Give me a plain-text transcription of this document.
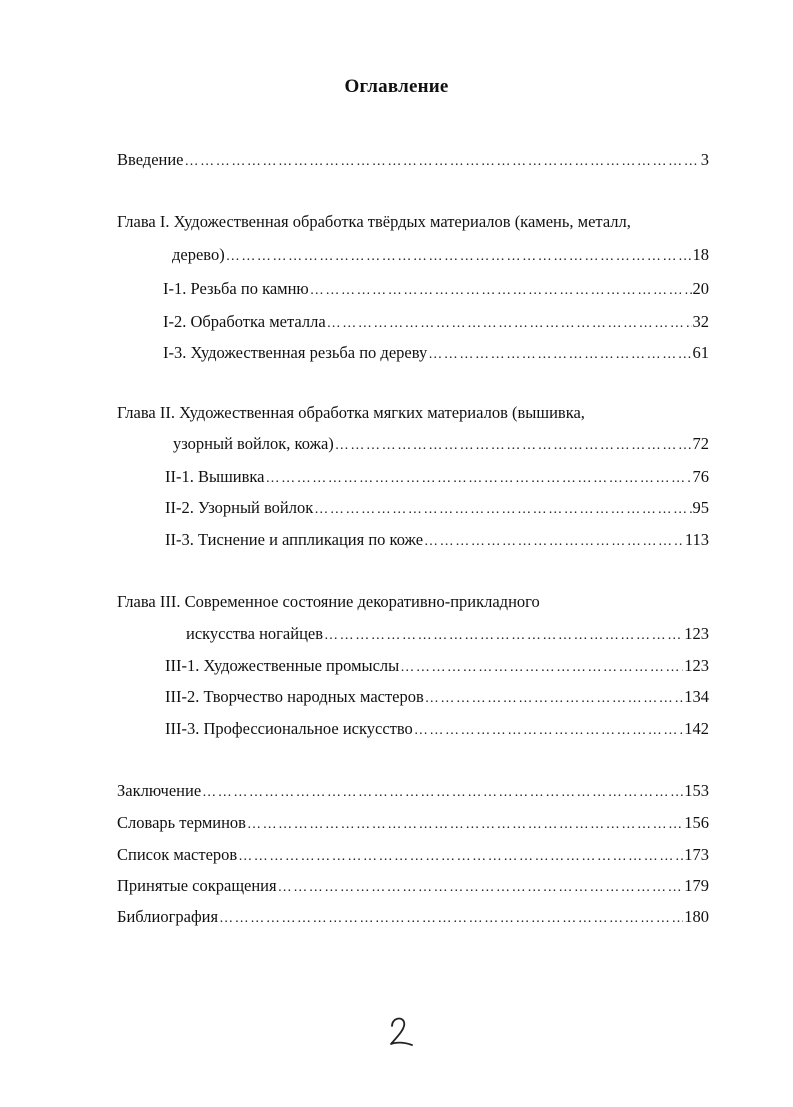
Оглавление
Введение …………………………………………………………………………………………………………………………………………………………………………………………………	3
Глава I. Художественная обработка твёрдых материалов (камень, металл,
дерево) …………………………………………………………………………………………………………………………………………………………………………………………………	18
I-1. Резьба по камню …………………………………………………………………………………………………………………………………………………………………………………………………	20
I-2. Обработка металла …………………………………………………………………………………………………………………………………………………………………………………………………	32
I-3. Художественная резьба по дереву …………………………………………………………………………………………………………………………………………………………………………………………………	61
Глава II. Художественная обработка мягких материалов (вышивка,
узорный войлок, кожа) …………………………………………………………………………………………………………………………………………………………………………………………………	72
II-1. Вышивка …………………………………………………………………………………………………………………………………………………………………………………………………	76
II-2. Узорный войлок …………………………………………………………………………………………………………………………………………………………………………………………………	95
II-3. Тиснение и аппликация по коже …………………………………………………………………………………………………………………………………………………………………………………………………	113
Глава III. Современное состояние декоративно-прикладного
искусства ногайцев …………………………………………………………………………………………………………………………………………………………………………………………………	123
III-1. Художественные промыслы …………………………………………………………………………………………………………………………………………………………………………………………………	123
III-2. Творчество народных мастеров …………………………………………………………………………………………………………………………………………………………………………………………………	134
III-3. Профессиональное искусство …………………………………………………………………………………………………………………………………………………………………………………………………	142
Заключение …………………………………………………………………………………………………………………………………………………………………………………………………	153
Словарь терминов …………………………………………………………………………………………………………………………………………………………………………………………………	156
Список мастеров …………………………………………………………………………………………………………………………………………………………………………………………………	173
Принятые сокращения …………………………………………………………………………………………………………………………………………………………………………………………………	179
Библиография …………………………………………………………………………………………………………………………………………………………………………………………………	180
